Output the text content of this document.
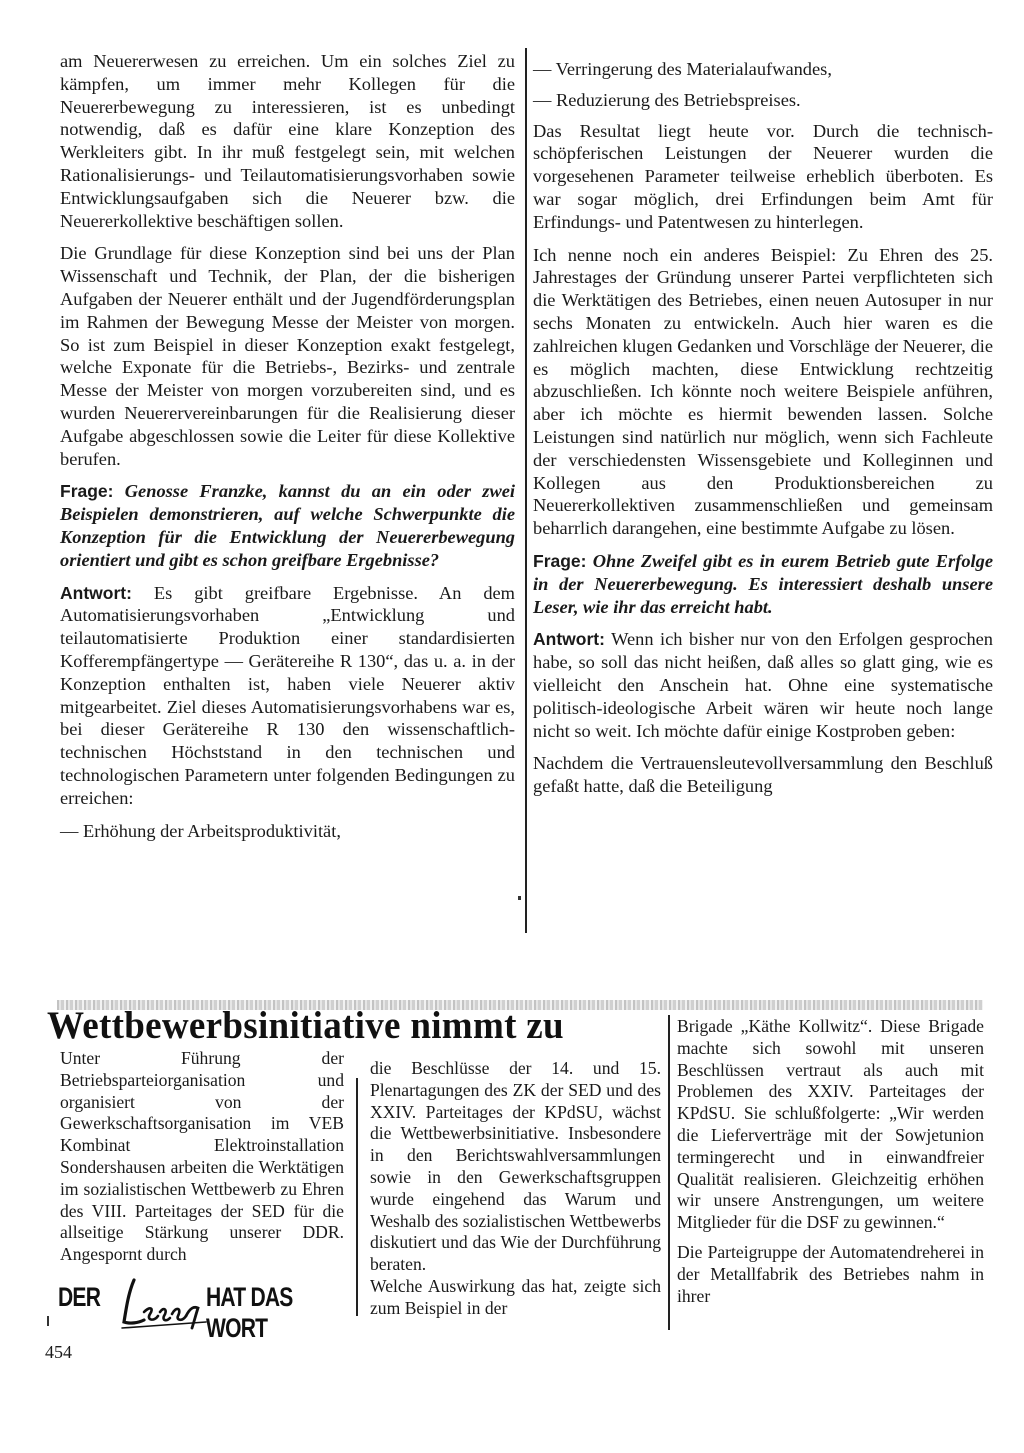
am Neuererwesen zu erreichen. Um ein solches Ziel zu kämpfen, um immer mehr Kollegen für die Neuererbewegung zu interessieren, ist es unbedingt notwendig, daß es dafür eine klare Konzeption des Werkleiters gibt. In ihr muß festgelegt sein, mit welchen Rationalisierungs- und Teilautomatisierungsvorhaben sowie Entwicklungsaufgaben sich die Neuerer bzw. die Neuererkollektive beschäftigen sollen.

Die Grundlage für diese Konzeption sind bei uns der Plan Wissenschaft und Technik, der Plan, der die bisherigen Aufgaben der Neuerer enthält und der Jugendförderungsplan im Rahmen der Bewegung Messe der Meister von morgen. So ist zum Beispiel in dieser Konzeption exakt festgelegt, welche Exponate für die Betriebs-, Bezirks- und zentrale Messe der Meister von morgen vorzubereiten sind, und es wurden Neuerervereinbarungen für die Realisierung dieser Aufgabe abgeschlossen sowie die Leiter für diese Kollektive berufen.

Frage: Genosse Franzke, kannst du an ein oder zwei Beispielen demonstrieren, auf welche Schwerpunkte die Konzeption für die Entwicklung der Neuererbewegung orientiert und gibt es schon greifbare Ergebnisse?

Antwort: Es gibt greifbare Ergebnisse. An dem Automatisierungsvorhaben „Entwicklung und teilautomatisierte Produktion einer standardisierten Kofferempfängertype — Gerätereihe R 130“, das u. a. in der Konzeption enthalten ist, haben viele Neuerer aktiv mitgearbeitet. Ziel dieses Automatisierungsvorhabens war es, bei dieser Gerätereihe R 130 den wissenschaftlich-technischen Höchststand in den technischen und technologischen Parametern unter folgenden Bedingungen zu erreichen:

— Erhöhung der Arbeitsproduktivität,

— Verringerung des Materialaufwandes,

— Reduzierung des Betriebspreises.

Das Resultat liegt heute vor. Durch die technisch-schöpferischen Leistungen der Neuerer wurden die vorgesehenen Parameter teilweise erheblich überboten. Es war sogar möglich, drei Erfindungen beim Amt für Erfindungs- und Patentwesen zu hinterlegen.

Ich nenne noch ein anderes Beispiel: Zu Ehren des 25. Jahrestages der Gründung unserer Partei verpflichteten sich die Werktätigen des Betriebes, einen neuen Autosuper in nur sechs Monaten zu entwickeln. Auch hier waren es die zahlreichen klugen Gedanken und Vorschläge der Neuerer, die es möglich machten, diese Entwicklung rechtzeitig abzuschließen. Ich könnte noch weitere Beispiele anführen, aber ich möchte es hiermit bewenden lassen. Solche Leistungen sind natürlich nur möglich, wenn sich Fachleute der verschiedensten Wissensgebiete und Kolleginnen und Kollegen aus den Produktionsbereichen zu Neuererkollektiven zusammenschließen und gemeinsam beharrlich darangehen, eine bestimmte Aufgabe zu lösen.

Frage: Ohne Zweifel gibt es in eurem Betrieb gute Erfolge in der Neuererbewegung. Es interessiert deshalb unsere Leser, wie ihr das erreicht habt.

Antwort: Wenn ich bisher nur von den Erfolgen gesprochen habe, so soll das nicht heißen, daß alles so glatt ging, wie es vielleicht den Anschein hat. Ohne eine systematische politisch-ideologische Arbeit wären wir heute noch lange nicht so weit. Ich möchte dafür einige Kostproben geben:

Nachdem die Vertrauensleutevollversammlung den Beschluß gefaßt hatte, daß die Beteiligung

Wettbewerbsinitiative nimmt zu

Unter Führung der Betriebsparteiorganisation und organisiert von der Gewerkschaftsorganisation im VEB Kombinat Elektroinstallation Sondershausen arbeiten die Werktätigen im sozialistischen Wettbewerb zu Ehren des VIII. Parteitages der SED für die allseitige Stärkung unserer DDR. Angespornt durch

die Beschlüsse der 14. und 15. Plenartagungen des ZK der SED und des XXIV. Parteitages der KPdSU, wächst die Wettbewerbsinitiative. Insbesondere in den Berichtswahlversammlungen sowie in den Gewerkschaftsgruppen wurde eingehend das Warum und Weshalb des sozialistischen Wettbewerbs diskutiert und das Wie der Durchführung beraten.

Welche Auswirkung das hat, zeigte sich zum Beispiel in der

Brigade „Käthe Kollwitz“. Diese Brigade machte sich sowohl mit unseren Beschlüssen vertraut als auch mit Problemen des XXIV. Parteitages der KPdSU. Sie schlußfolgerte: „Wir werden die Lieferverträge mit der Sowjetunion termingerecht und in einwandfreier Qualität realisieren. Gleichzeitig erhöhen wir unsere Anstrengungen, um weitere Mitglieder für die DSF zu gewinnen.“

Die Parteigruppe der Automatendreherei in der Metallfabrik des Betriebes nahm in ihrer

DER	HAT DAS WORT
454
